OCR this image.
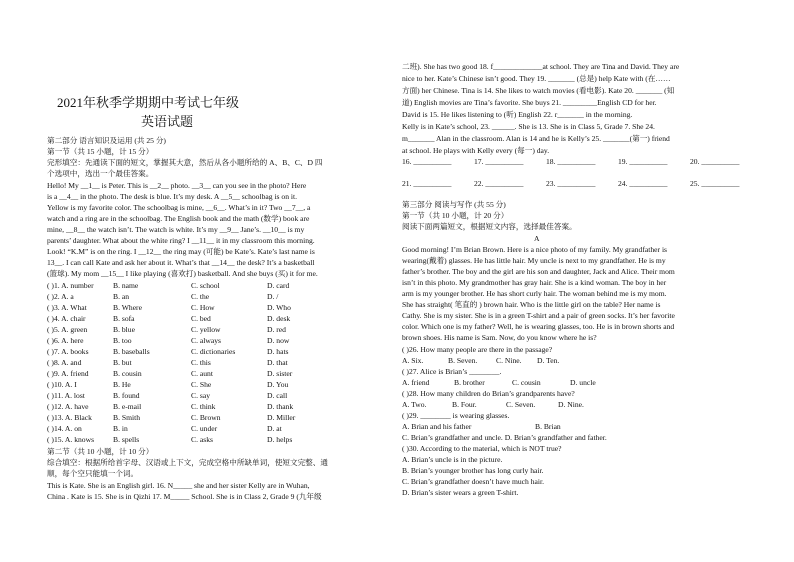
2021年秋季学期期中考试七年级
英语试题
第二部分 语言知识及运用 (共 25 分)
第一节（共 15 小题，计 15 分）
完形填空：先通读下面的短文，掌握其大意，然后从各小题所给的 A、B、C、D 四
个选项中，选出一个最佳答案。
Hello! My __1__ is Peter. This is __2__ photo. __3__ can you see in the photo? Here
is a __4__ in the photo. The desk is blue. It’s my desk. A __5__ schoolbag is on it.
Yellow is my favorite color. The schoolbag is mine, __6__. What’s in it? Two __7__, a
watch and a ring are in the schoolbag. The English book and the math (数学) book are
mine, __8__ the watch isn’t. The watch is white. It’s my __9__ Jane’s. __10__ is my
parents’ daughter. What about the white ring? I __11__ it in my classroom this morning.
Look! “K.M” is on the ring. I __12__ the ring may (可能) be Kate’s. Kate’s last name is
13__. I can call Kate and ask her about it. What’s that __14__ the desk? It’s a basketball
(篮球). My mom __15__ I like playing (喜欢打) basketball. And she buys (买) it for me.
( )1. A. number	B. name	C. school	D. card
( )2. A. a	B. an	C. the	D. /
( )3. A. What	B. Where	C. How	D. Who
( )4. A. chair	B. sofa	C. bed	D. desk
( )5. A. green	B. blue	C. yellow	D. red
( )6. A. here	B. too	C. always	D. now
( )7. A. books	B. baseballs	C. dictionaries	D. hats
( )8. A. and	B. but	C. this	D. that
( )9. A. friend	B. cousin	C. aunt	D. sister
( )10. A. I	B. He	C. She	D. You
( )11. A. lost	B. found	C. say	D. call
( )12. A. have	B. e-mail	C. think	D. thank
( )13. A. Black	B. Smith	C. Brown	D. Miller
( )14. A. on	B. in	C. under	D. at
( )15. A. knows B. spells	C. asks	D. helps
第二节（共 10 小题，计 10 分）
综合填空：根据所给首字母、汉语或上下文，完成空格中所缺单词，使短文完整、通
顺，每个空只能填一个词。
This is Kate. She is an English girl. 16. N_____ she and her sister Kelly are in Wuhan,
China . Kate is 15. She is in Qizhi 17. M_____ School. She is in Class 2, Grade 9 (九年级
二班). She has two good 18. f_____________at school. They are Tina and David. They are
nice to her. Kate’s Chinese isn’t good. They 19. _______ (总是) help Kate with (在……
方面) her Chinese. Tina is 14. She likes to watch movies (看电影). Kate 20. _______ (知
道) English movies are Tina’s favorite. She buys 21. _________English CD for her.
David is 15. He likes listening to (听) English 22. r_______ in the morning.
Kelly is in Kate’s school, 23. ______. She is 13. She is in Class 5, Grade 7. She 24.
m_______ Alan in the classroom. Alan is 14 and he is Kelly’s 25. _______(第一) friend
at school. He plays with Kelly every (每一) day.
16. __________	17. __________	18. __________	19. __________	20. __________
21. __________	22. __________	23. __________	24. __________	25. __________
第三部分 阅读与写作 (共 55 分)
第一节（共 10 小题，计 20 分）
阅读下面两篇短文，根据短文内容，选择最佳答案。
A
Good morning! I’m Brian Brown. Here is a nice photo of my family. My grandfather is
wearing(戴着) glasses. He has little hair. My uncle is next to my grandfather. He is my
father’s brother. The boy and the girl are his son and daughter, Jack and Alice. Their mom
isn’t in this photo. My grandmother has gray hair. She is a kind woman. The boy in her
arm is my younger brother. He has short curly hair. The woman behind me is my mom.
She has straight( 笔直的 ) brown hair. Who is the little girl on the table? Her name is
Cathy. She is my sister. She is in a green T-shirt and a pair of green socks. It’s her favorite
color. Which one is my father? Well, he is wearing glasses, too. He is in brown shorts and
brown shoes. His name is Sam. Now, do you know where he is?
( )26. How many people are there in the passage?
A. Six.	B. Seven. C. Nine. D. Ten.
( )27. Alice is Brian’s ________.
A. friend	B. brother	C. cousin	D. uncle
( )28. How many children do Brian’s grandparents have?
A. Two.	B. Four.	C. Seven.	D. Nine.
( )29. ________ is wearing glasses.
A. Brian and his father	B. Brian
C. Brian’s grandfather and uncle. D. Brian’s grandfather and father.
( )30. According to the material, which is NOT true?
A. Brian’s uncle is in the picture.
B. Brian’s younger brother has long curly hair.
C. Brian’s grandfather doesn’t have much hair.
D. Brian’s sister wears a green T-shirt.
